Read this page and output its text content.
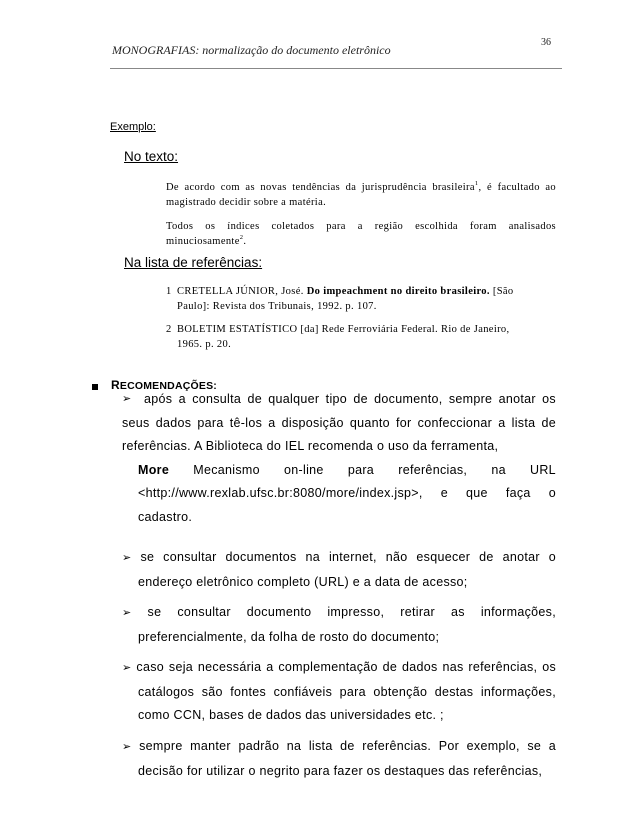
MONOGRAFIAS: normalização do documento eletrônico
36
Exemplo:
No texto:
De acordo com as novas tendências da jurisprudência brasileira$^1$, é facultado ao magistrado decidir sobre a matéria.
Todos os índices coletados para a região escolhida foram analisados minuciosamente$^2$.
Na lista de referências:
1 CRETELLA JÚNIOR, José. Do impeachment no direito brasileiro. [São
Paulo]: Revista dos Tribunais, 1992. p. 107.
2 BOLETIM ESTATÍSTICO [da] Rede Ferroviária Federal. Rio de Janeiro,
1965. p. 20.
RECOMENDAÇÕES:
➢ após a consulta de qualquer tipo de documento, sempre anotar os seus dados para tê-los a disposição quanto for confeccionar a lista de referências. A Biblioteca do IEL recomenda o uso da ferramenta,
More Mecanismo on-line para referências, na URL
<http://www.rexlab.ufsc.br:8080/more/index.jsp>, e que faça o
cadastro.
➢ se consultar documentos na internet, não esquecer de anotar o endereço eletrônico completo (URL) e a data de acesso;
➢ se consultar documento impresso, retirar as informações, preferencialmente, da folha de rosto do documento;
➢ caso seja necessária a complementação de dados nas referências, os catálogos são fontes confiáveis para obtenção destas informações, como CCN, bases de dados das universidades etc. ;
➢ sempre manter padrão na lista de referências. Por exemplo, se a decisão for utilizar o negrito para fazer os destaques das referências,
